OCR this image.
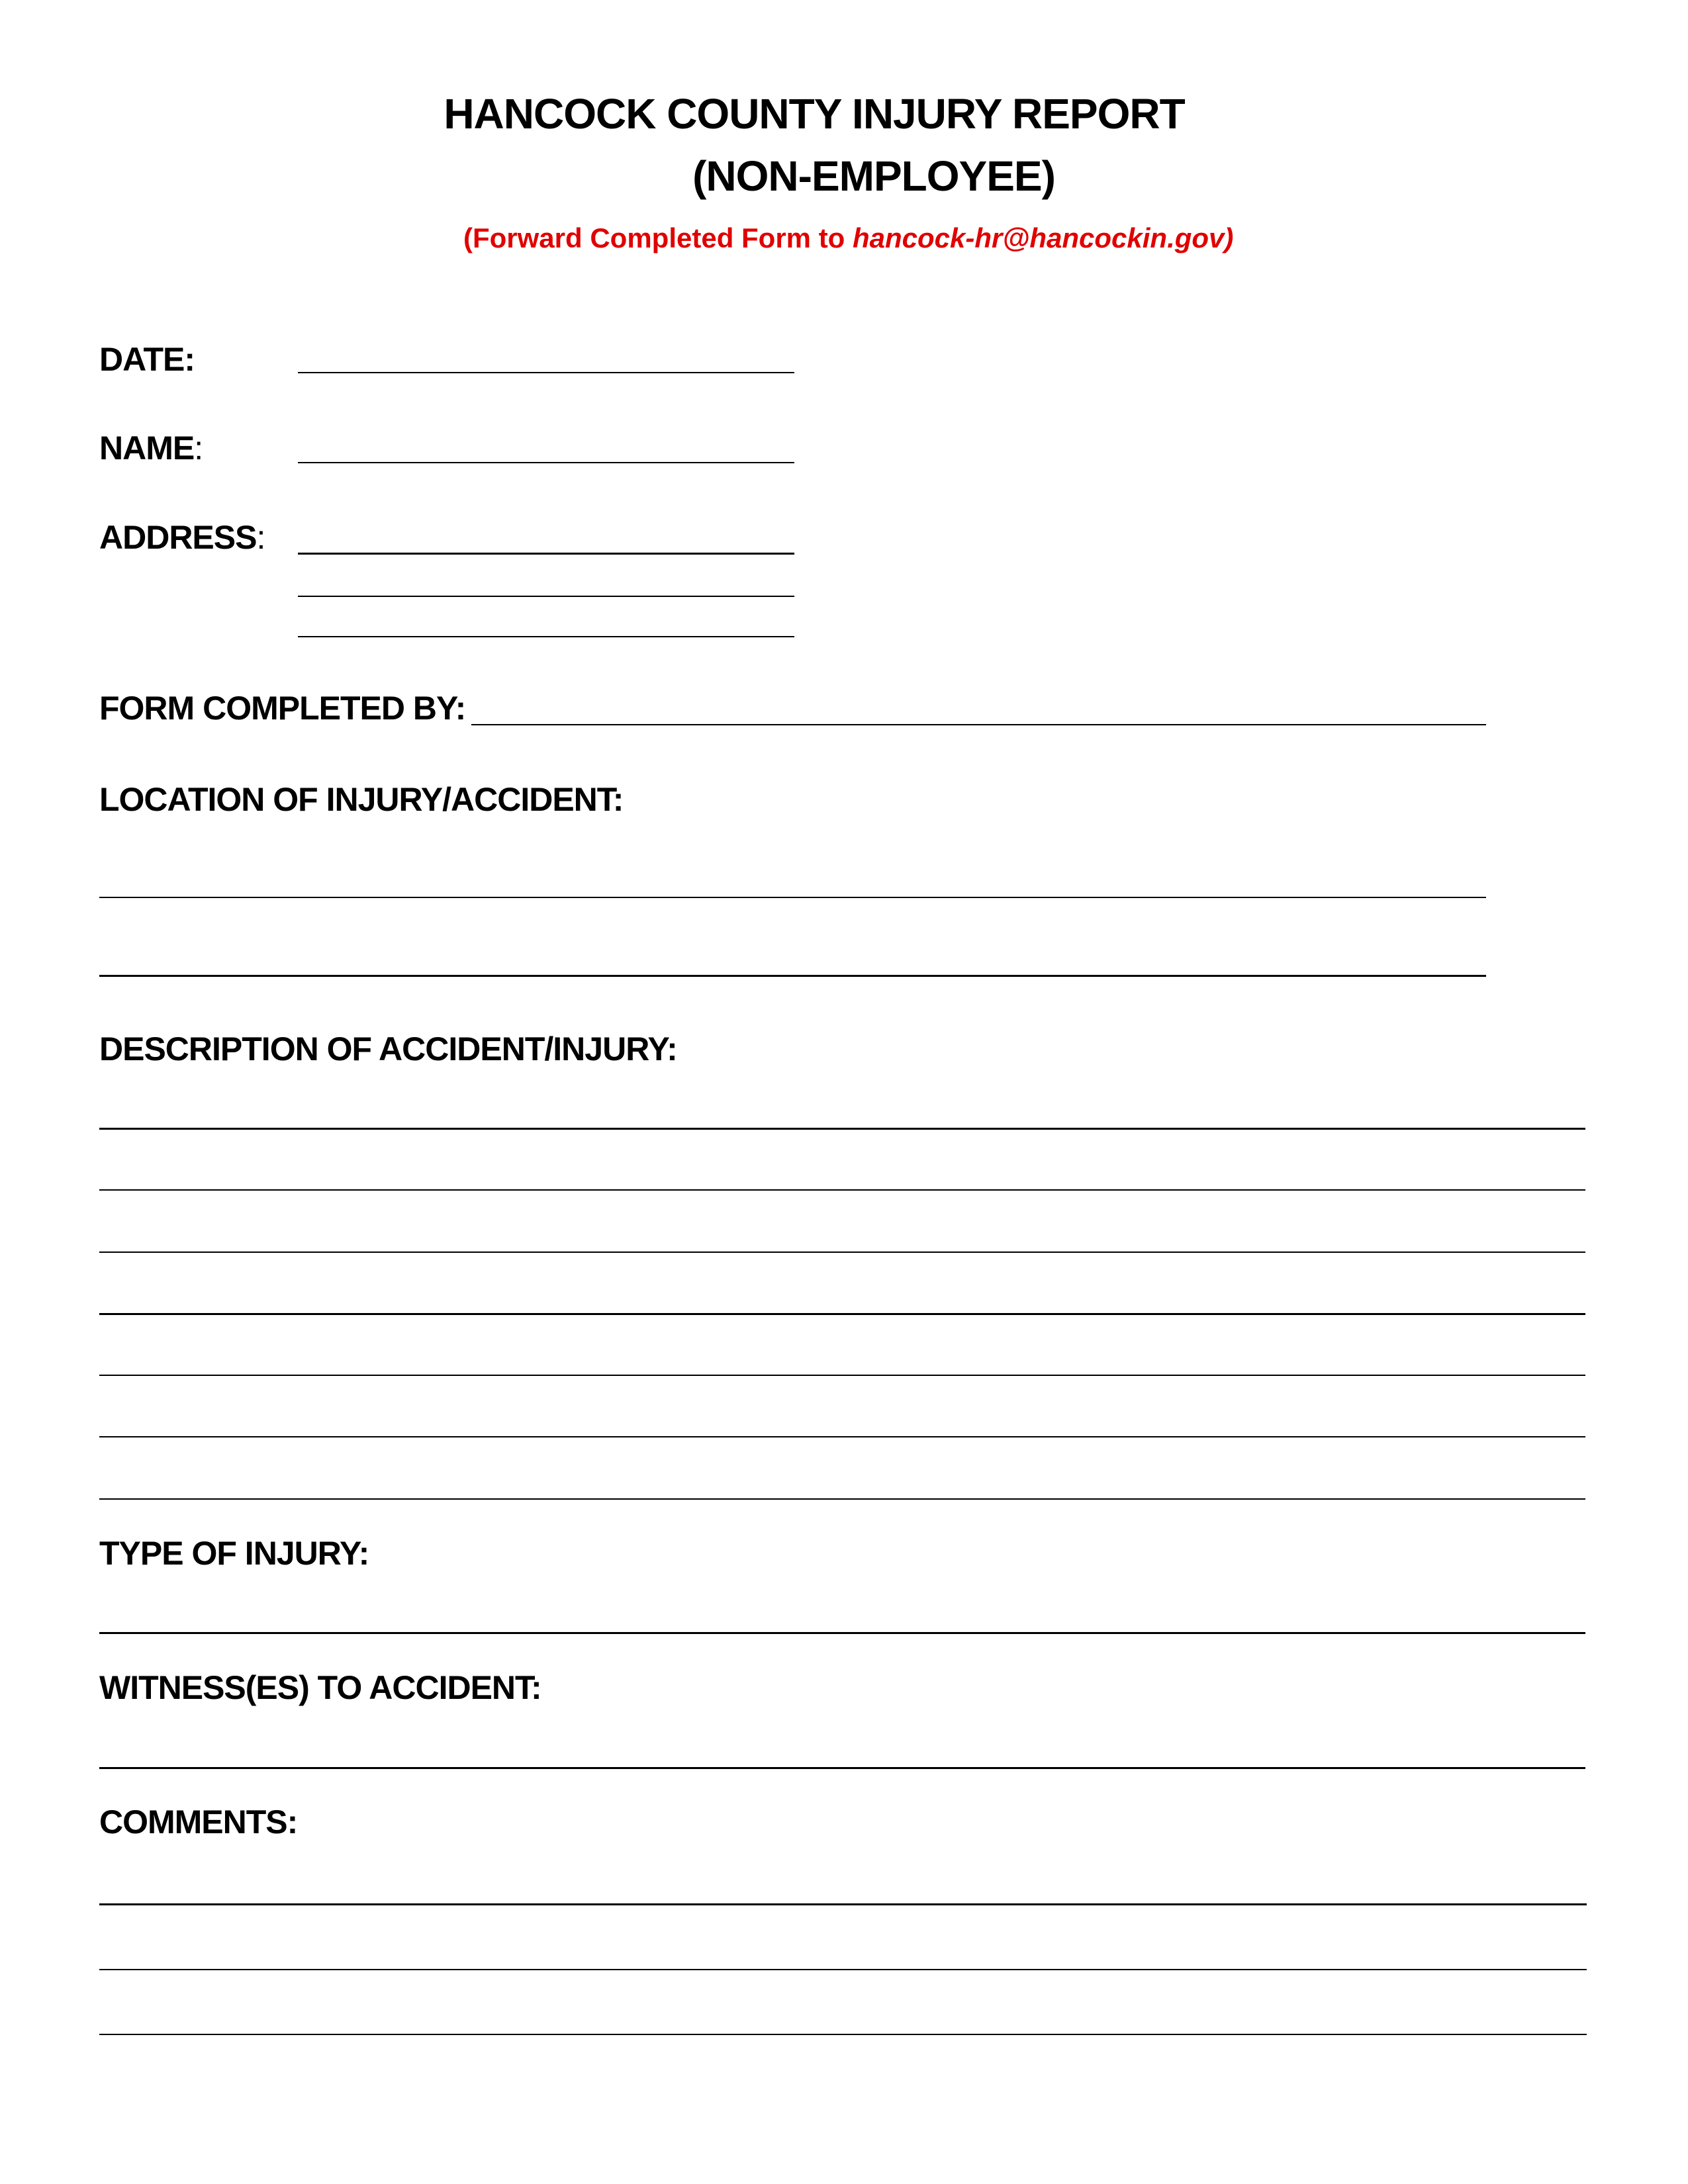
HANCOCK COUNTY INJURY REPORT
(NON-EMPLOYEE)
(Forward Completed Form to hancock-hr@hancockin.gov)
DATE:
NAME:
ADDRESS:
FORM COMPLETED BY:
LOCATION OF INJURY/ACCIDENT:
DESCRIPTION OF ACCIDENT/INJURY:
TYPE OF INJURY:
WITNESS(ES) TO ACCIDENT:
COMMENTS:
